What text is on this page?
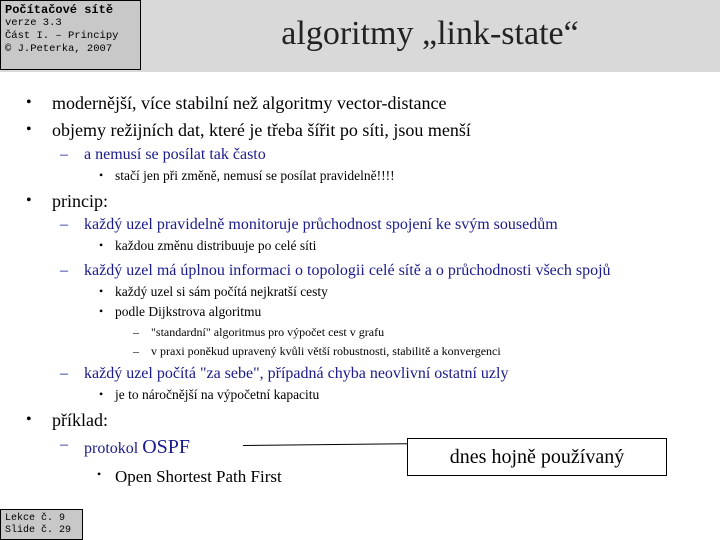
Počítačové sítě
verze 3.3
Část I. – Principy
© J.Peterka, 2007	algoritmy „link-state“
• modernější, více stabilní než algoritmy vector-distance
• objemy režijních dat, které je třeba šířit po síti, jsou menší
– a nemusí se posílat tak často
• stačí jen při změně, nemusí se posílat pravidelně!!!!
• princip:
– každý uzel pravidelně monitoruje průchodnost spojení ke svým sousedům
• každou změnu distribuuje po celé síti
– každý uzel má úplnou informaci o topologii celé sítě a o průchodnosti všech spojů
• každý uzel si sám počítá nejkratší cesty
• podle Dijkstrova algoritmu
– "standardní" algoritmus pro výpočet cest v grafu
– v praxi poněkud upravený kvůli větší robustnosti, stabilitě a konvergenci
– každý uzel počítá "za sebe", případná chyba neovlivní ostatní uzly
• je to náročnější na výpočetní kapacitu
• příklad:
– protokol OSPF
• Open Shortest Path First
dnes hojně používaný
Lekce č. 9
Slide č. 29
